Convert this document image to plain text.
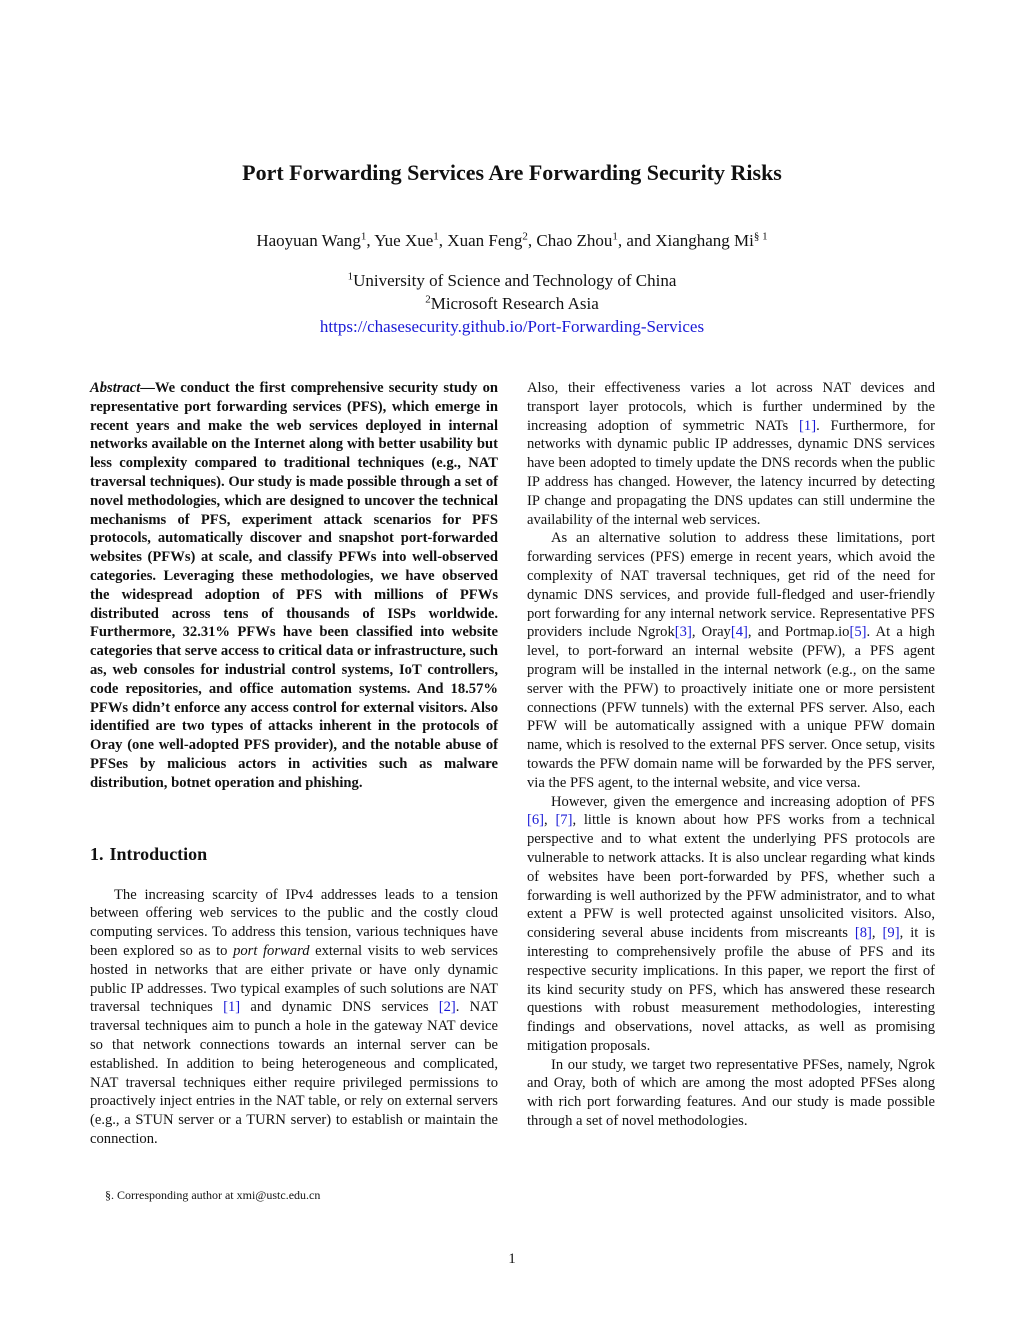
Port Forwarding Services Are Forwarding Security Risks
Haoyuan Wang$^1$, Yue Xue$^1$, Xuan Feng$^2$, Chao Zhou$^1$, and Xianghang Mi$^{\S 1}$
$^1$University of Science and Technology of China
$^2$Microsoft Research Asia
https://chasesecurity.github.io/Port-Forwarding-Services

Abstract—We conduct the first comprehensive security study on representative port forwarding services (PFS), which emerge in recent years and make the web services deployed in internal networks available on the Internet along with better usability but less complexity compared to traditional techniques (e.g., NAT traversal techniques). Our study is made possible through a set of novel methodologies, which are designed to uncover the technical mechanisms of PFS, experiment attack scenarios for PFS protocols, automatically discover and snapshot port-forwarded websites (PFWs) at scale, and classify PFWs into well-observed categories. Leveraging these methodologies, we have observed the widespread adoption of PFS with millions of PFWs distributed across tens of thousands of ISPs worldwide. Furthermore, 32.31% PFWs have been classified into website categories that serve access to critical data or infrastructure, such as, web consoles for industrial control systems, IoT controllers, code repositories, and office automation systems. And 18.57% PFWs didn’t enforce any access control for external visitors. Also identified are two types of attacks inherent in the protocols of Oray (one well-adopted PFS provider), and the notable abuse of PFSes by malicious actors in activities such as malware distribution, botnet operation and phishing.

1. Introduction

The increasing scarcity of IPv4 addresses leads to a tension between offering web services to the public and the costly cloud computing services. To address this tension, various techniques have been explored so as to port forward external visits to web services hosted in networks that are either private or have only dynamic public IP addresses. Two typical examples of such solutions are NAT traversal techniques [1] and dynamic DNS services [2]. NAT traversal techniques aim to punch a hole in the gateway NAT device so that network connections towards an internal server can be established. In addition to being heterogeneous and complicated, NAT traversal techniques either require privileged permissions to proactively inject entries in the NAT table, or rely on external servers (e.g., a STUN server or a TURN server) to establish or maintain the connection.

Also, their effectiveness varies a lot across NAT devices and transport layer protocols, which is further undermined by the increasing adoption of symmetric NATs [1]. Furthermore, for networks with dynamic public IP addresses, dynamic DNS services have been adopted to timely update the DNS records when the public IP address has changed. However, the latency incurred by detecting IP change and propagating the DNS updates can still undermine the availability of the internal web services.

As an alternative solution to address these limitations, port forwarding services (PFS) emerge in recent years, which avoid the complexity of NAT traversal techniques, get rid of the need for dynamic DNS services, and provide full-fledged and user-friendly port forwarding for any internal network service. Representative PFS providers include Ngrok[3], Oray[4], and Portmap.io[5]. At a high level, to port-forward an internal website (PFW), a PFS agent program will be installed in the internal network (e.g., on the same server with the PFW) to proactively initiate one or more persistent connections (PFW tunnels) with the external PFS server. Also, each PFW will be automatically assigned with a unique PFW domain name, which is resolved to the external PFS server. Once setup, visits towards the PFW domain name will be forwarded by the PFS server, via the PFS agent, to the internal website, and vice versa.

However, given the emergence and increasing adoption of PFS [6], [7], little is known about how PFS works from a technical perspective and to what extent the underlying PFS protocols are vulnerable to network attacks. It is also unclear regarding what kinds of websites have been port-forwarded by PFS, whether such a forwarding is well authorized by the PFW administrator, and to what extent a PFW is well protected against unsolicited visitors. Also, considering several abuse incidents from miscreants [8], [9], it is interesting to comprehensively profile the abuse of PFS and its respective security implications. In this paper, we report the first of its kind security study on PFS, which has answered these research questions with robust measurement methodologies, interesting findings and observations, novel attacks, as well as promising mitigation proposals.

In our study, we target two representative PFSes, namely, Ngrok and Oray, both of which are among the most adopted PFSes along with rich port forwarding features. And our study is made possible through a set of novel methodologies.

§. Corresponding author at xmi@ustc.edu.cn
1
